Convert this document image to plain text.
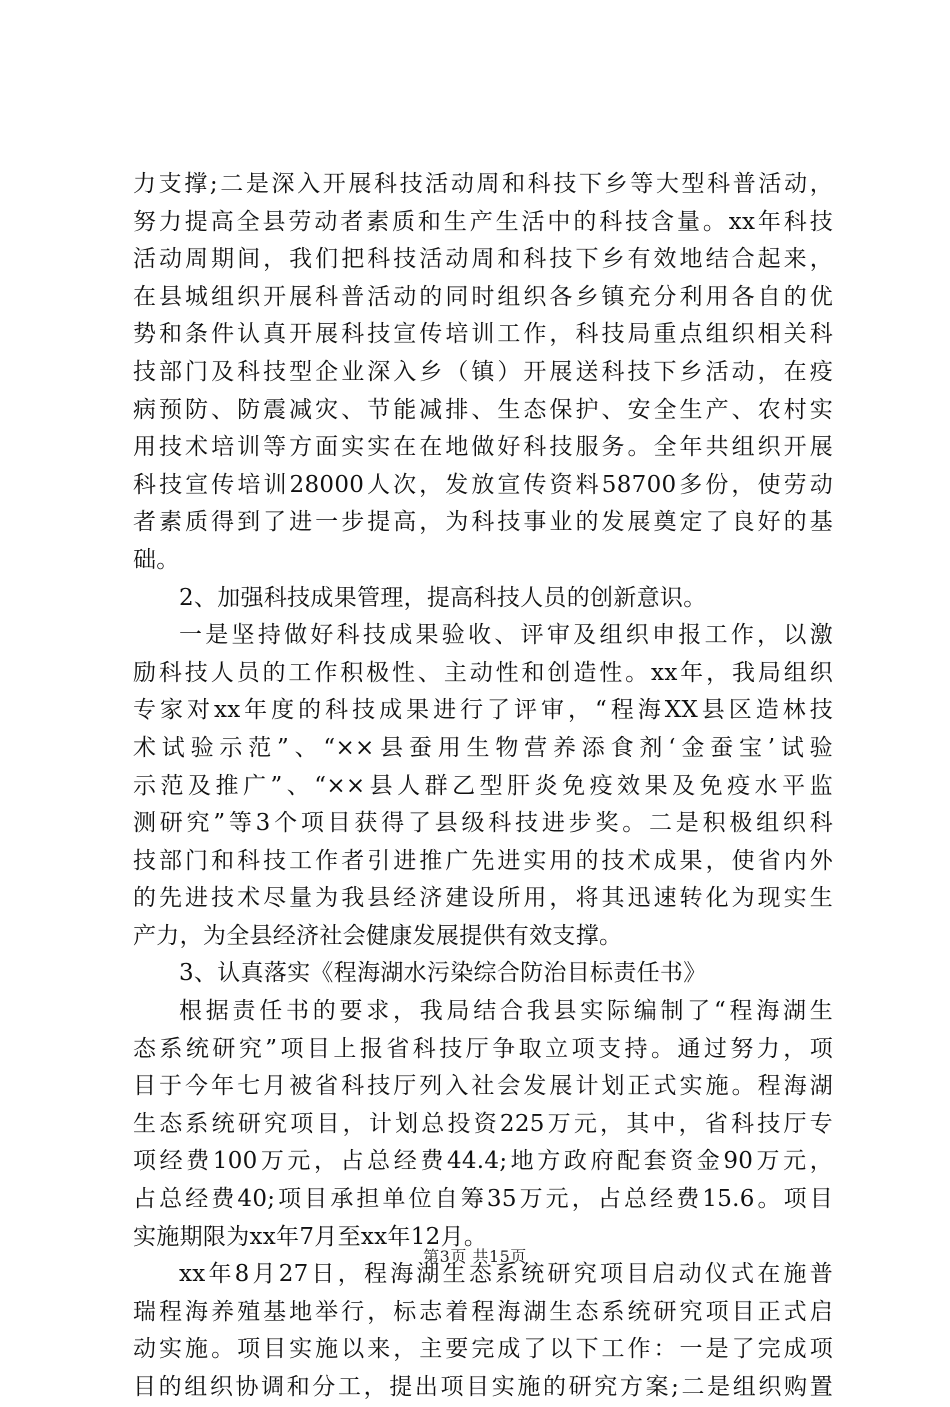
力支撑;二是深入开展科技活动周和科技下乡等大型科普活动，
努力提高全县劳动者素质和生产生活中的科技含量。xx年科技
活动周期间，我们把科技活动周和科技下乡有效地结合起来，
在县城组织开展科普活动的同时组织各乡镇充分利用各自的优
势和条件认真开展科技宣传培训工作，科技局重点组织相关科
技部门及科技型企业深入乡（镇）开展送科技下乡活动，在疫
病预防、防震减灾、节能减排、生态保护、安全生产、农村实
用技术培训等方面实实在在地做好科技服务。全年共组织开展
科技宣传培训28000人次，发放宣传资料58700多份，使劳动
者素质得到了进一步提高，为科技事业的发展奠定了良好的基
础。
2、加强科技成果管理，提高科技人员的创新意识。
一是坚持做好科技成果验收、评审及组织申报工作，以激
励科技人员的工作积极性、主动性和创造性。xx年，我局组织
专家对xx年度的科技成果进行了评审，“程海XX县区造林技
术试验示范”、“××县蚕用生物营养添食剂‘金蚕宝’试验
示范及推广”、“××县人群乙型肝炎免疫效果及免疫水平监
测研究”等3个项目获得了县级科技进步奖。二是积极组织科
技部门和科技工作者引进推广先进实用的技术成果，使省内外
的先进技术尽量为我县经济建设所用，将其迅速转化为现实生
产力，为全县经济社会健康发展提供有效支撑。
3、认真落实《程海湖水污染综合防治目标责任书》
根据责任书的要求，我局结合我县实际编制了“程海湖生
态系统研究”项目上报省科技厅争取立项支持。通过努力，项
目于今年七月被省科技厅列入社会发展计划正式实施。程海湖
生态系统研究项目，计划总投资225万元，其中，省科技厅专
项经费100万元，占总经费44.4;地方政府配套资金90万元，
占总经费40;项目承担单位自筹35万元，占总经费15.6。项目
实施期限为xx年7月至xx年12月。
xx年8月27日，程海湖生态系统研究项目启动仪式在施普
瑞程海养殖基地举行，标志着程海湖生态系统研究项目正式启
动实施。项目实施以来，主要完成了以下工作：一是了完成项
目的组织协调和分工，提出项目实施的研究方案;二是组织购置
第3页 共15页
